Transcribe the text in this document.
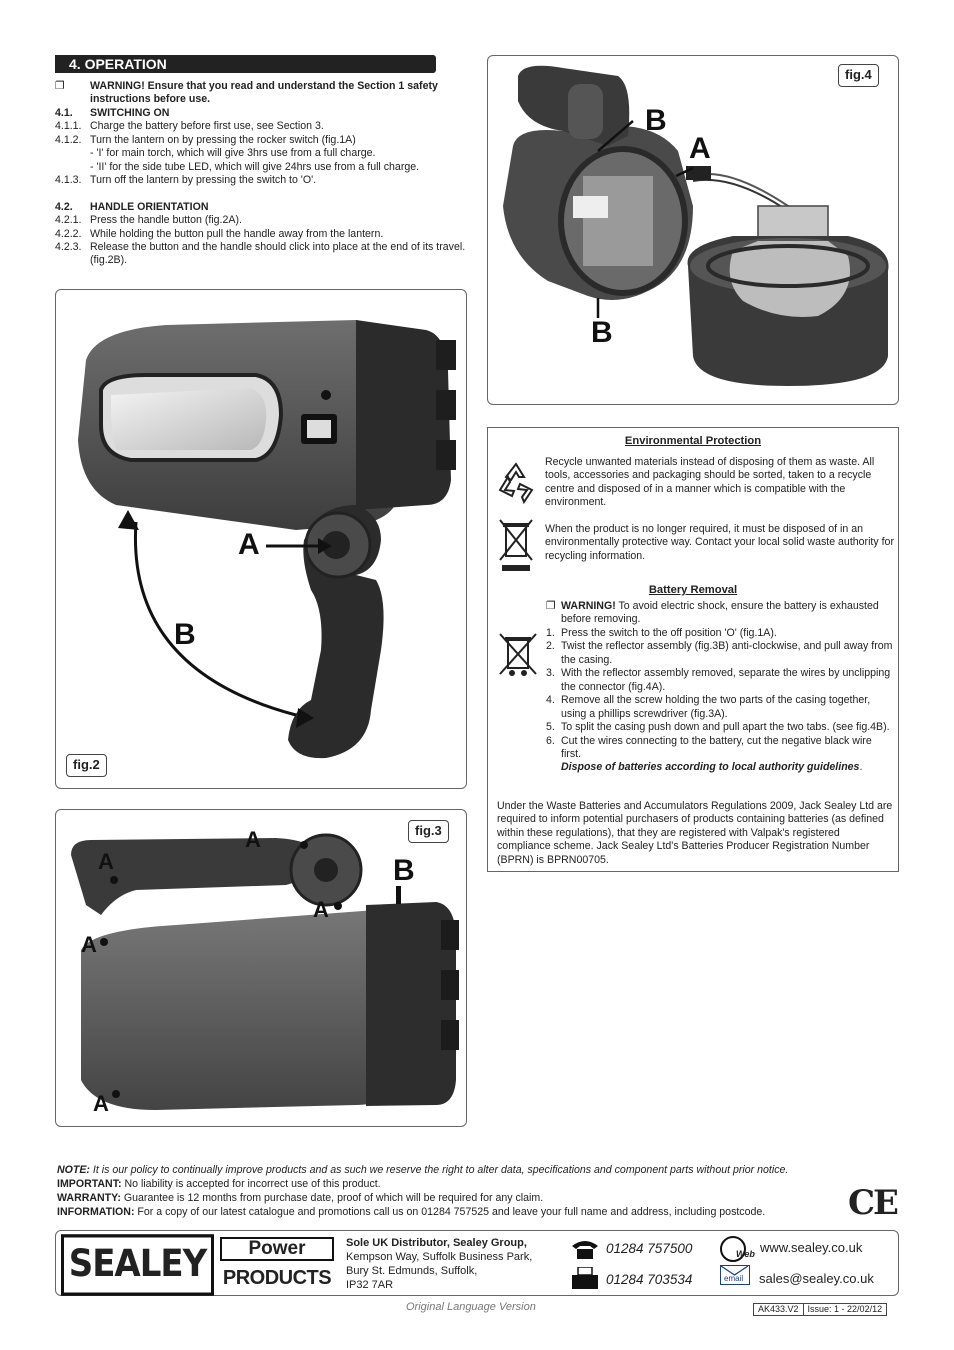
4. OPERATION
❐	WARNING! Ensure that you read and understand the Section 1 safety instructions before use.
4.1.	SWITCHING ON
4.1.1. Charge the battery before first use, see Section 3.
4.1.2. Turn the lantern on by pressing the rocker switch (fig.1A)
- 'I' for main torch, which will give 3hrs use from a full charge.
- 'II' for the side tube LED, which will give 24hrs use from a full charge.
4.1.3. Turn off the lantern by pressing the switch to 'O'.
4.2.	HANDLE ORIENTATION
4.2.1. Press the handle button (fig.2A).
4.2.2. While holding the button pull the handle away from the lantern.
4.2.3. Release the button and the handle should click into place at the end of its travel. (fig.2B).
A
B
fig.2
A
A
A
A
A
B
fig.3
B
A
B
fig.4
Environmental Protection
Recycle unwanted materials instead of disposing of them as waste. All tools, accessories and packaging should be sorted, taken to a recycle centre and disposed of in a manner which is compatible with the environment.
When the product is no longer required, it must be disposed of in an environmentally protective way. Contact your local solid waste authority for recycling information.
Battery Removal
Under the Waste Batteries and Accumulators Regulations 2009, Jack Sealey Ltd are required to inform potential purchasers of products containing batteries (as defined within these regulations), that they are registered with Valpak's registered compliance scheme. Jack Sealey Ltd's Batteries Producer Registration Number (BPRN) is BPRN00705.
❐ WARNING! To avoid electric shock, ensure the battery is exhausted before removing.
1. Press the switch to the off position 'O' (fig.1A).
2. Twist the reflector assembly (fig.3B) anti-clockwise, and pull away from the casing.
3. With the reflector assembly removed, separate the wires by unclipping the connector (fig.4A).
4. Remove all the screw holding the two parts of the casing together, using a phillips screwdriver (fig.3A).
5. To split the casing push down and pull apart the two tabs. (see fig.4B).
6. Cut the wires connecting to the battery, cut the negative black wire first.
Dispose of batteries according to local authority guidelines.
NOTE: It is our policy to continually improve products and as such we reserve the right to alter data, specifications and component parts without prior notice.
IMPORTANT: No liability is accepted for incorrect use of this product.
WARRANTY: Guarantee is 12 months from purchase date, proof of which will be required for any claim.
INFORMATION: For a copy of our latest catalogue and promotions call us on 01284 757525 and leave your full name and address, including postcode.	CE
SEALEY	Power
PRODUCTS
Sole UK Distributor, Sealey Group,
Kempson Way, Suffolk Business Park,
Bury St. Edmunds, Suffolk,
IP32 7AR
01284 757500
01284 703534
Web www.sealey.co.uk
email sales@sealey.co.uk
Original Language Version	AK433.V2	Issue: 1 - 22/02/12
